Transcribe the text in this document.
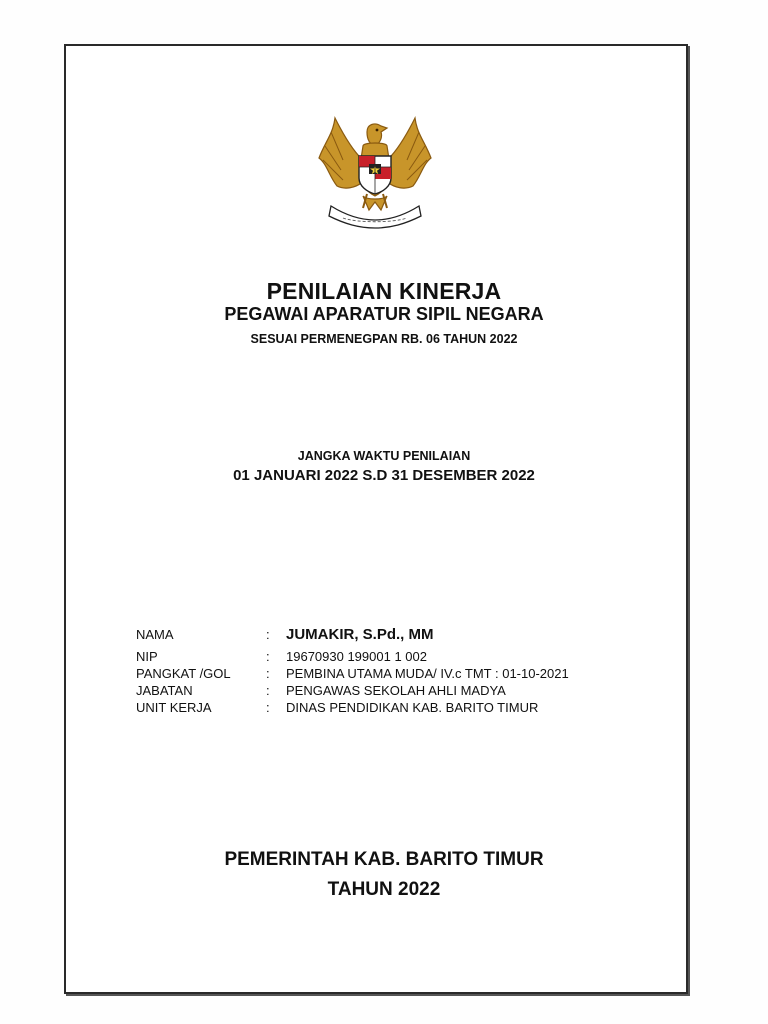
PENILAIAN KINERJA
PEGAWAI APARATUR SIPIL NEGARA
SESUAI PERMENEGPAN RB. 06 TAHUN 2022
JANGKA WAKTU PENILAIAN
01 JANUARI 2022 S.D 31 DESEMBER 2022
NAMA	: JUMAKIR, S.Pd., MM
NIP	: 19670930 199001 1 002
PANGKAT /GOL	: PEMBINA UTAMA MUDA/ IV.c TMT : 01-10-2021
JABATAN	: PENGAWAS SEKOLAH AHLI MADYA
UNIT KERJA	: DINAS PENDIDIKAN KAB. BARITO TIMUR
PEMERINTAH KAB. BARITO TIMUR
TAHUN 2022
